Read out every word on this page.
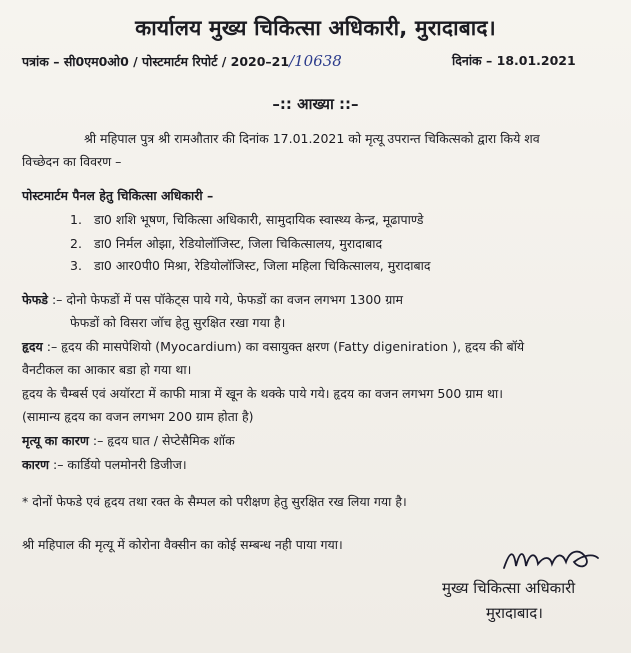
कार्यालय मुख्य चिकित्सा अधिकारी, मुरादाबाद।
पत्रांक – सी0एम0ओ0 / पोस्टमार्टम रिपोर्ट / 2020–21/10638	दिनांक – 18.01.2021
–:: आख्या ::–
श्री महिपाल पुत्र श्री रामऔतार की दिनांक 17.01.2021 को मृत्यू उपरान्त चिकित्सको द्वारा किये शव
विच्छेदन का विवरण –
पोस्टमार्टम पैनल हेतु चिकित्सा अधिकारी –
1. डा0 शशि भूषण, चिकित्सा अधिकारी, सामुदायिक स्वास्थ्य केन्द्र, मूढापाण्डे
2. डा0 निर्मल ओझा, रेडियोलॉजिस्ट, जिला चिकित्सालय, मुरादाबाद
3. डा0 आर0पी0 मिश्रा, रेडियोलॉजिस्ट, जिला महिला चिकित्सालय, मुरादाबाद
फेफडे :– दोनो फेफडों में पस पॉकेट्स पाये गये, फेफडों का वजन लगभग 1300 ग्राम
फेफडों को विसरा जॉच हेतु सुरक्षित रखा गया है।
हृदय :– हृदय की मासपेशियो (Myocardium) का वसायुक्त क्षरण (Fatty digeniration ), हृदय की बॉये
वैनटीकल का आकार बडा हो गया था।
हृदय के चैम्बर्स एवं अयॉरटा में काफी मात्रा में खून के थक्के पाये गये। हृदय का वजन लगभग 500 ग्राम था।
(सामान्य हृदय का वजन लगभग 200 ग्राम होता है)
मृत्यू का कारण :– हृदय घात / सेप्टेसैमिक शॉक
कारण :– कार्डियो पलमोनरी डिजीज।
* दोनों फेफडे एवं हृदय तथा रक्त के सैम्पल को परीक्षण हेतु सुरक्षित रख लिया गया है।
श्री महिपाल की मृत्यू में कोरोना वैक्सीन का कोई सम्बन्ध नही पाया गया।
मुख्य चिकित्सा अधिकारी
मुरादाबाद।
